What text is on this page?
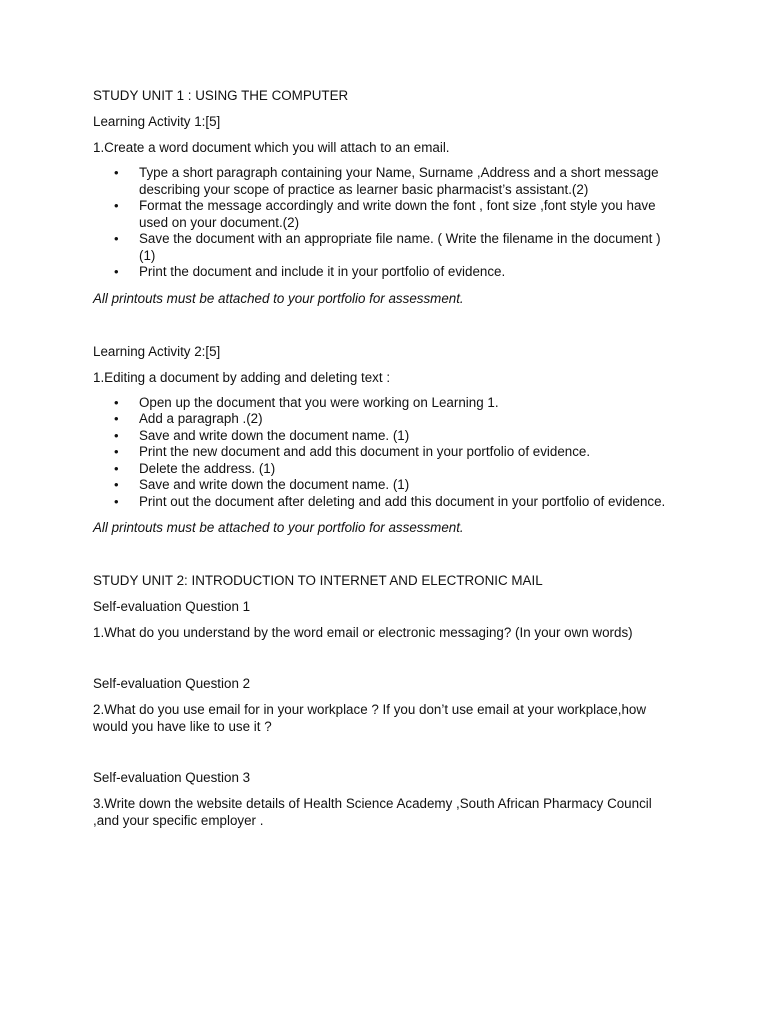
STUDY UNIT 1 : USING THE COMPUTER

Learning Activity 1:[5]

1.Create a word document which you will attach to an email.

• Type a short paragraph containing your Name, Surname ,Address and a short message describing your scope of practice as learner basic pharmacist’s assistant.(2)
• Format the message accordingly and write down the font , font size ,font style you have used on your document.(2)
• Save the document with an appropriate file name. ( Write the filename in the document ) (1)
• Print the document and include it in your portfolio of evidence.

All printouts must be attached to your portfolio for assessment.

Learning Activity 2:[5]

1.Editing a document by adding and deleting text :

• Open up the document that you were working on Learning 1.
• Add a paragraph .(2)
• Save and write down the document name. (1)
• Print the new document and add this document in your portfolio of evidence.
• Delete the address. (1)
• Save and write down the document name. (1)
• Print out the document after deleting and add this document in your portfolio of evidence.

All printouts must be attached to your portfolio for assessment.

STUDY UNIT 2: INTRODUCTION TO INTERNET AND ELECTRONIC MAIL

Self-evaluation Question 1

1.What do you understand by the word email or electronic messaging? (In your own words)

Self-evaluation Question 2

2.What do you use email for in your workplace ? If you don’t use email at your workplace,how would you have like to use it ?

Self-evaluation Question 3

3.Write down the website details of Health Science Academy ,South African Pharmacy Council ,and your specific employer .
